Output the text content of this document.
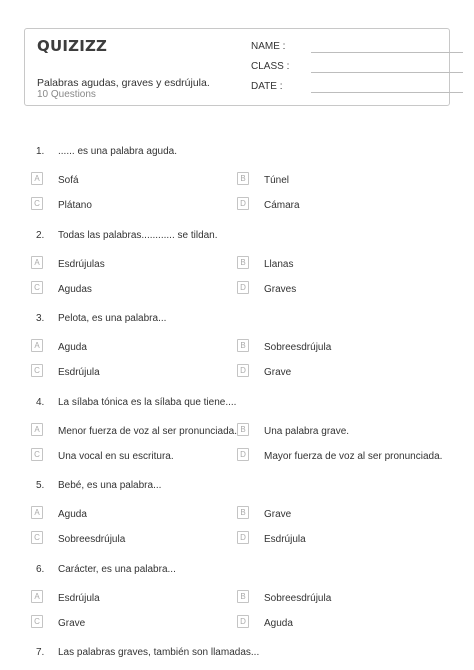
QUIZIZZ
Palabras agudas, graves y esdrújula.
10 Questions
NAME :
CLASS :
DATE :
1.	...... es una palabra aguda.
A	Sofá	B	Túnel
C	Plátano	D	Cámara
2.	Todas las palabras............ se tildan.
A	Esdrújulas	B	Llanas
C	Agudas	D	Graves
3.	Pelota, es una palabra...
A	Aguda	B	Sobreesdrújula
C	Esdrújula	D	Grave
4.	La sílaba tónica es la sílaba que tiene....
A	Menor fuerza de voz al ser pronunciada. B	Una palabra grave.
C	Una vocal en su escritura.	D	Mayor fuerza de voz al ser pronunciada.
5.	Bebé, es una palabra...
A	Aguda	B	Grave
C	Sobreesdrújula	D	Esdrújula
6.	Carácter, es una palabra...
A	Esdrújula	B	Sobreesdrújula
C	Grave	D	Aguda
7.	Las palabras graves, también son llamadas...
